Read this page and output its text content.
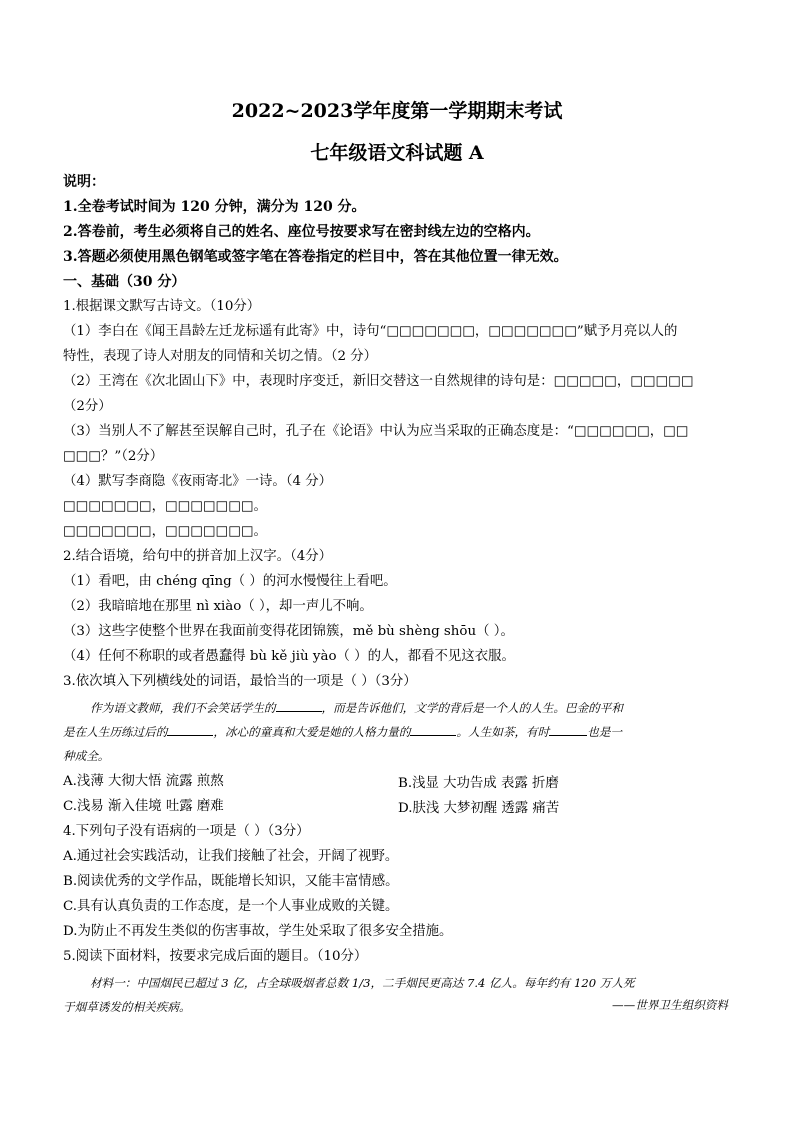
2022~2023学年度第一学期期末考试
七年级语文科试题 A
说明：
1.全卷考试时间为 120 分钟，满分为 120 分。
2.答卷前，考生必须将自己的姓名、座位号按要求写在密封线左边的空格内。
3.答题必须使用黑色钢笔或签字笔在答卷指定的栏目中，答在其他位置一律无效。
一、基础（30 分）
1.根据课文默写古诗文。（10分）
（1）李白在《闻王昌龄左迁龙标遥有此寄》中，诗句“□□□□□□□，□□□□□□□”赋予月亮以人的
特性，表现了诗人对朋友的同情和关切之情。（2 分）
（2）王湾在《次北固山下》中，表现时序变迁，新旧交替这一自然规律的诗句是：□□□□□，□□□□□
（2分）
（3）当别人不了解甚至误解自己时，孔子在《论语》中认为应当采取的正确态度是：“□□□□□□，□□
□□□？”（2分）
（4）默写李商隐《夜雨寄北》一诗。（4 分）
□□□□□□□，□□□□□□□。
□□□□□□□，□□□□□□□。
2.结合语境，给句中的拼音加上汉字。（4分）
（1）看吧，由 chéng qīng（ ）的河水慢慢往上看吧。
（2）我暗暗地在那里 nì xiào（ ），却一声儿不响。
（3）这些字使整个世界在我面前变得花团锦簇，mě bù shèng shōu（ ）。
（4）任何不称职的或者愚蠢得 bù kě jiù yào（ ）的人，都看不见这衣服。
3.依次填入下列横线处的词语，最恰当的一项是（ ）（3分）
作为语文教师，我们不会笑话学生的	，而是告诉他们，文学的背后是一个人的人生。巴金的平和
是在人生历练过后的	，冰心的童真和大爱是她的人格力量的	。人生如茶，有时	也是一
种成全。
A.浅薄 大彻大悟 流露 煎熬	B.浅显 大功告成 表露 折磨
C.浅易 渐入佳境 吐露 磨难	D.肤浅 大梦初醒 透露 痛苦
4.下列句子没有语病的一项是（ ）（3分）
A.通过社会实践活动，让我们接触了社会，开阔了视野。
B.阅读优秀的文学作品，既能增长知识，又能丰富情感。
C.具有认真负责的工作态度，是一个人事业成败的关键。
D.为防止不再发生类似的伤害事故，学生处采取了很多安全措施。
5.阅读下面材料，按要求完成后面的题目。（10分）
材料一：中国烟民已超过 3 亿，占全球吸烟者总数 1/3，二手烟民更高达 7.4 亿人。每年约有 120 万人死
于烟草诱发的相关疾病。	——世界卫生组织资料
